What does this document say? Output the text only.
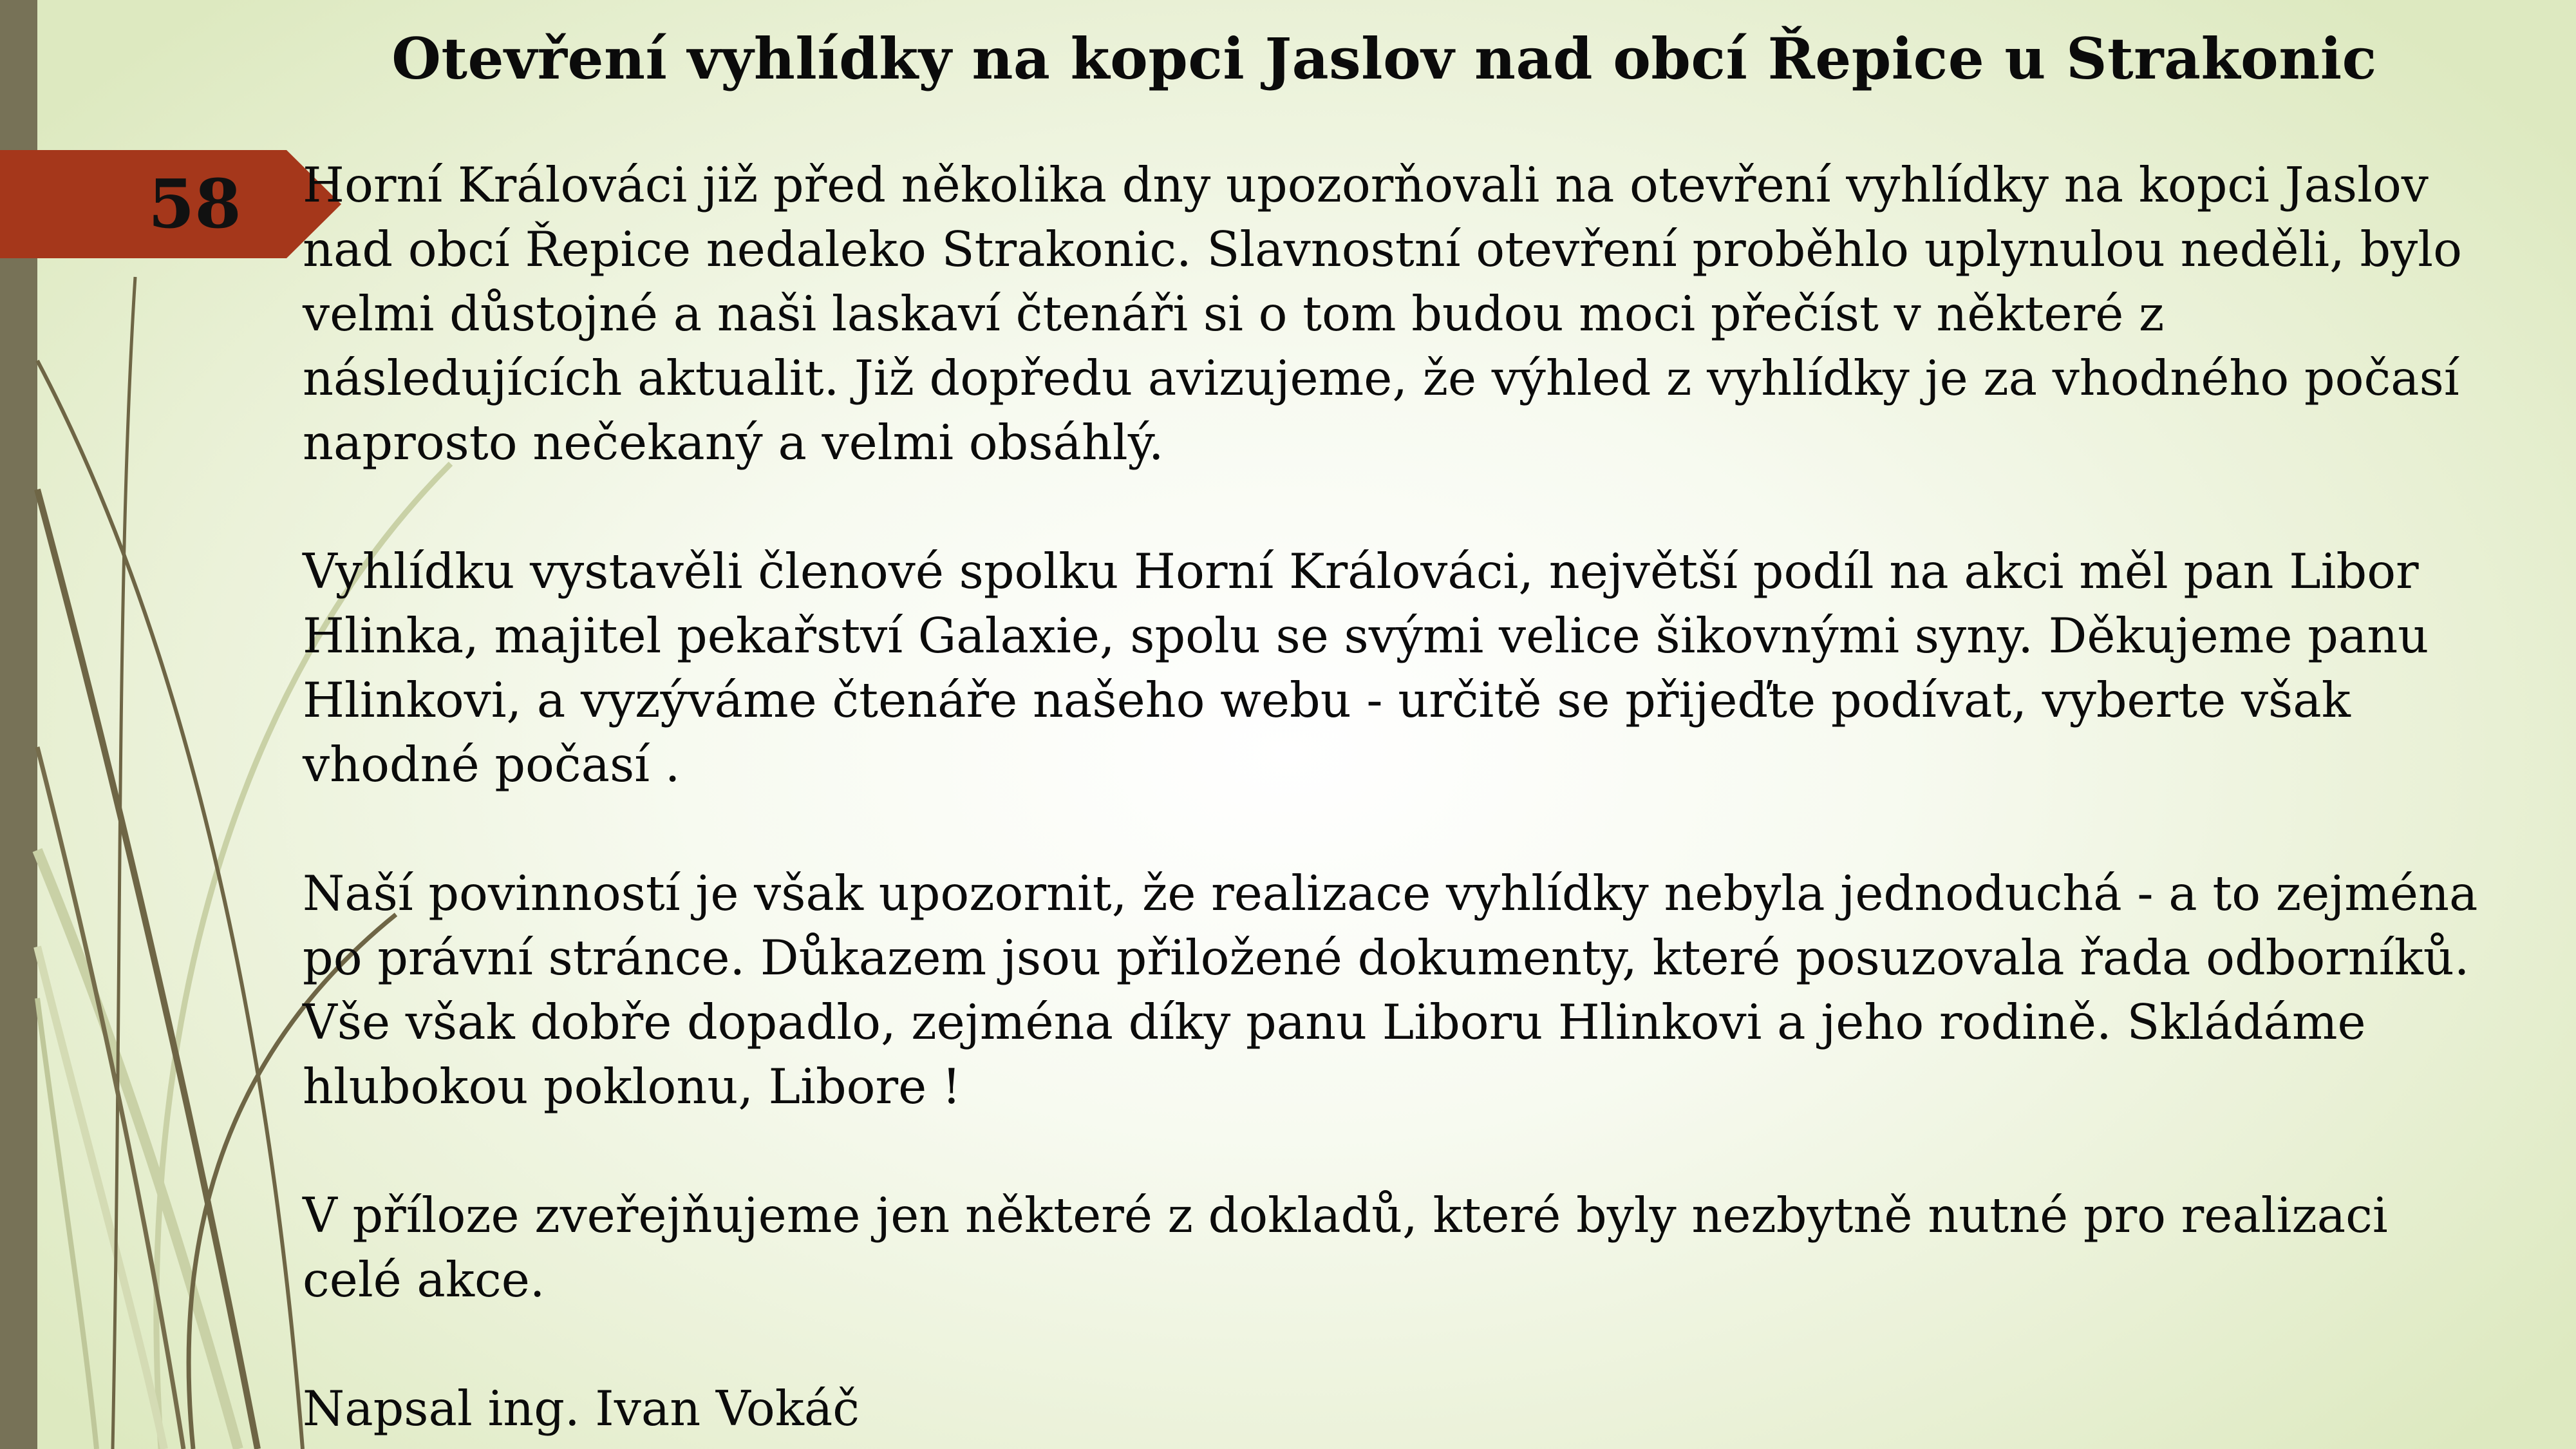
58
Otevření vyhlídky na kopci Jaslov nad obcí Řepice u Strakonic

Horní Králováci již před několika dny upozorňovali na otevření vyhlídky na kopci Jaslov nad obcí Řepice nedaleko Strakonic. Slavnostní otevření proběhlo uplynulou neděli, bylo velmi důstojné a naši laskaví čtenáři si o tom budou moci přečíst v některé z následujících aktualit. Již dopředu avizujeme, že výhled z vyhlídky je za vhodného počasí naprosto nečekaný a velmi obsáhlý.

Vyhlídku vystavěli členové spolku Horní Králováci, největší podíl na akci měl pan Libor Hlinka, majitel pekařství Galaxie, spolu se svými velice šikovnými syny. Děkujeme panu Hlinkovi, a vyzýváme čtenáře našeho webu - určitě se přijeďte podívat, vyberte však vhodné počasí .

Naší povinností je však upozornit, že realizace vyhlídky nebyla jednoduchá - a to zejména po právní stránce. Důkazem jsou přiložené dokumenty, které posuzovala řada odborníků. Vše však dobře dopadlo, zejména díky panu Liboru Hlinkovi a jeho rodině. Skládáme hlubokou poklonu, Libore !

V příloze zveřejňujeme jen některé z dokladů, které byly nezbytně nutné pro realizaci celé akce.

Napsal ing. Ivan Vokáč
